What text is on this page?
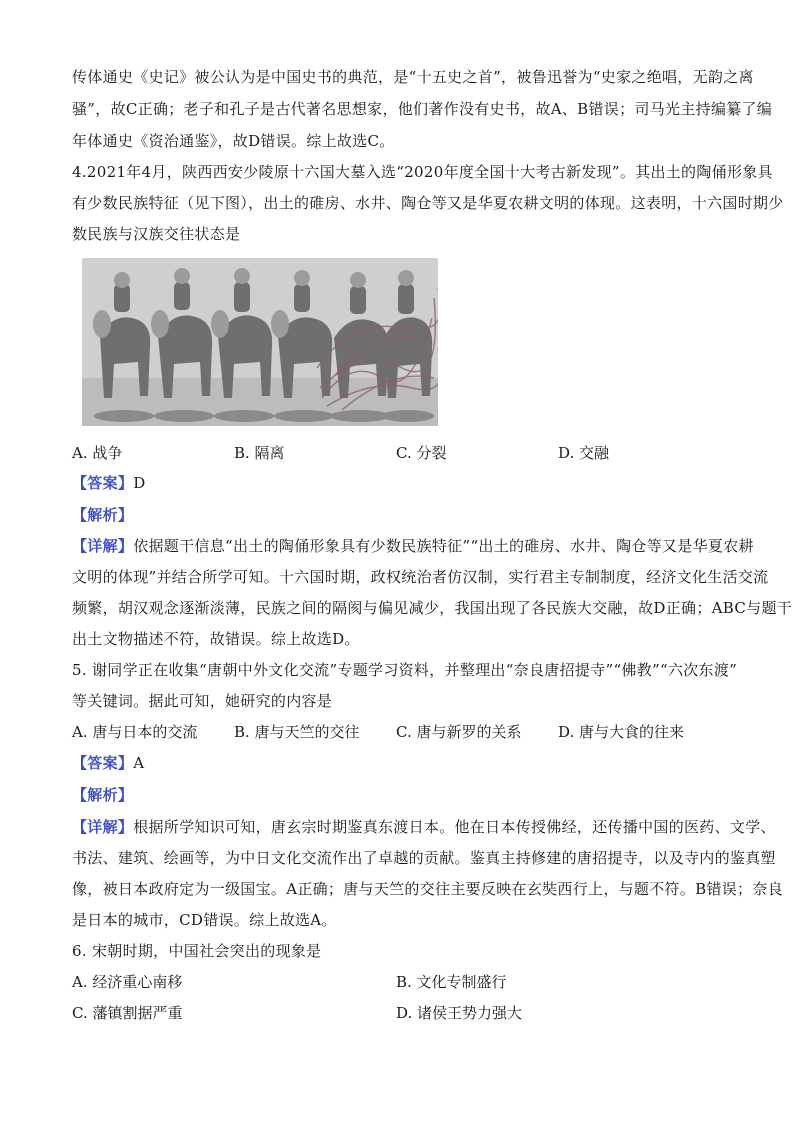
传体通史《史记》被公认为是中国史书的典范，是“十五史之首”，被鲁迅誉为“史家之绝唱，无韵之离
骚”，故C正确；老子和孔子是古代著名思想家，他们著作没有史书，故A、B错误；司马光主持编纂了编
年体通史《资治通鉴》，故D错误。综上故选C。
4.2021年4月，陕西西安少陵原十六国大墓入选“2020年度全国十大考古新发现”。其出土的陶俑形象具
有少数民族特征（见下图），出土的碓房、水井、陶仓等又是华夏农耕文明的体现。这表明，十六国时期少
数民族与汉族交往状态是
A. 战争	B. 隔离	C. 分裂	D. 交融
【答案】D
【解析】
【详解】依据题干信息“出土的陶俑形象具有少数民族特征”“出土的碓房、水井、陶仓等又是华夏农耕
文明的体现”并结合所学可知。十六国时期，政权统治者仿汉制，实行君主专制制度，经济文化生活交流
频繁，胡汉观念逐渐淡薄，民族之间的隔阂与偏见减少，我国出现了各民族大交融，故D正确；ABC与题干
出土文物描述不符，故错误。综上故选D。
5. 谢同学正在收集“唐朝中外文化交流”专题学习资料，并整理出“奈良唐招提寺”“佛教”“六次东渡”
等关键词。据此可知，她研究的内容是
A. 唐与日本的交流 B. 唐与天竺的交往 C. 唐与新罗的关系 D. 唐与大食的往来
【答案】A
【解析】
【详解】根据所学知识可知，唐玄宗时期鉴真东渡日本。他在日本传授佛经，还传播中国的医药、文学、
书法、建筑、绘画等，为中日文化交流作出了卓越的贡献。鉴真主持修建的唐招提寺，以及寺内的鉴真塑
像，被日本政府定为一级国宝。A正确；唐与天竺的交往主要反映在玄奘西行上，与题不符。B错误；奈良
是日本的城市，CD错误。综上故选A。
6. 宋朝时期，中国社会突出的现象是
A. 经济重心南移	B. 文化专制盛行
C. 藩镇割据严重	D. 诸侯王势力强大
